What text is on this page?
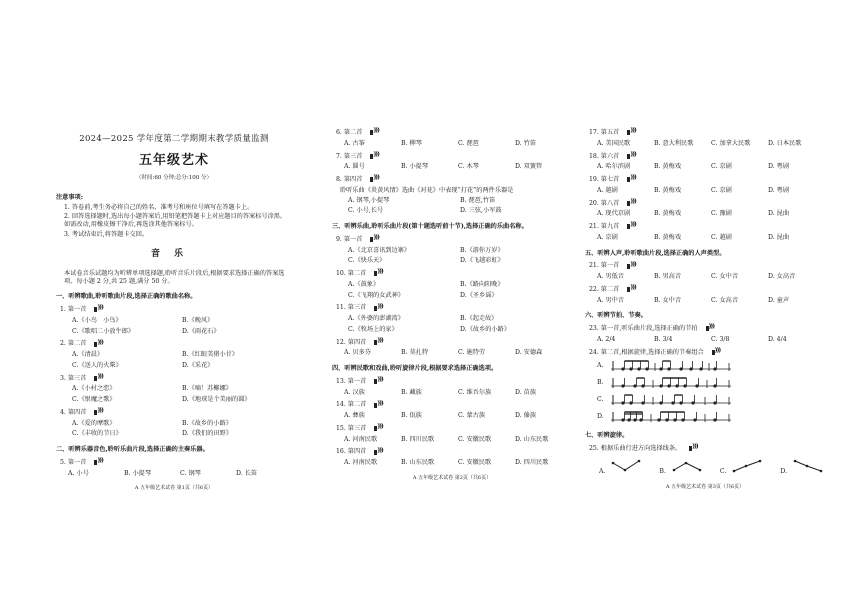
2024—2025 学年度第二学期期末教学质量监测
五年级艺术
（时间:60 分钟;总分:100 分）
注意事项:
1. 答卷前,考生务必将自己的姓名、准考号和座位号填写在答题卡上。
2. 回答选择题时,选出每小题答案后,用铅笔把答题卡上对应题目的答案标号涂黑。如需改动,用橡皮擦干净后,再选涂其他答案标号。
3. 考试结束后,将答题卡交回。
音乐
本试卷音乐试题均为听辨单项选择题,聆听音乐片段后,根据要求选择正确的答案选项。每小题 2 分,共 25 题,满分 50 分。
一、听辨歌曲,聆听歌曲片段,选择正确的歌曲名称。
1. 第一首
)))
A.《小鸟　小鸟》	B.《晚风》
C.《歌唱二小放牛郎》	D.《雨花石》
2. 第二首
)))
A.《清晨》	B.《红眼美猪小甘》
C.《送人的火柴》	D.《采花》
3. 第三首
)))
A.《小村之恋》	B.《嘀！苏椰娜》
C.《恨魔之歌》	D.《地球是个美丽的圆》
4. 第四首
)))
A.《爱的摩歌》	B.《故乡的小路》
C.《丰收的节日》	D.《我们的田野》
二、听辨乐器音色,聆听乐曲片段,选择正确的主奏乐器。
5. 第一首
)))
A. 小号	B. 小提琴	C. 钢琴	D. 长笛
A 五年级艺术试卷 第1页（共6页）
6. 第二首
)))
A. 古筝	B. 柳琴	C. 琵琶	D. 竹笛
7. 第三首
)))
A. 圆号	B. 小提琴	C. 木琴	D. 双簧管
8. 第四首
)))
聆听乐曲《炎黄风情》选曲《对花》中表现“打花”的两件乐器是
A. 钢琴,小提琴	B. 琵琶,竹笛
C. 小号,长号	D. 三弦,小军鼓
三、听辨乐曲,聆听乐曲片段(第十题选听前十节),选择正确的乐曲名称。
9. 第一首
)))
A.《北京喜讯到边寨》	B.《游你万岁》
C.《快乐天》	D.《飞越彩虹》
10. 第二首
)))
A.《鼓象》	B.《路向阳晚》
C.《飞翔的女武神》	D.《圣乡谣》
11. 第三首
)))
A.《外婆的澎湖湾》	B.《起走故》
C.《牧场上的家》	D.《故乡的小路》
12. 第四首
)))
A. 贝多芬	B. 莫扎特	C. 施特劳	D. 安德森
四、听辨民歌和戏曲,聆听旋律片段,根据要求选择正确选项。
13. 第一首
)))
A. 汉族	B. 藏族	C. 维吾尔族	D. 苗族
14. 第二首
)))
A. 彝族	B. 佤族	C. 蒙古族	D. 傣族
15. 第三首
)))
A. 河南民歌	B. 四川民歌	C. 安徽民歌	D. 山东民歌
16. 第四首
)))
A. 河南民歌	B. 山东民歌	C. 安徽民歌	D. 四川民歌
A 五年级艺术试卷 第2页（共6页）
17. 第五首
)))
A. 美国民歌	B. 意大利民歌	C. 加拿大民歌	D. 日本民歌
18. 第六首
)))
A. 哈尔滨剧	B. 黄梅戏	C. 京剧	D. 粤剧
19. 第七首
)))
A. 越剧	B. 黄梅戏	C. 京剧	D. 粤剧
20. 第八首
)))
A. 现代京剧	B. 黄梅戏	C. 豫剧	D. 昆曲
21. 第九首
)))
A. 京剧	B. 黄梅戏	C. 越剧	D. 昆曲
五、听辨人声,聆听歌曲片段,选择正确的人声类型。
21. 第一首
)))
A. 男低音	B. 男高音	C. 女中音	D. 女高音
22. 第二首
)))
A. 男中音	B. 女中音	C. 女高音	D. 童声
六、听辨节拍、节奏。
23. 第一首,听乐曲片段,选择正确的节拍
)))
A. 2/4	B. 3/4	C. 3/8	D. 4/4
24. 第二首,根据旋律,选择正确的节奏组合
)))
A.
B.
C.
D.
七、听辨旋律。
25. 根据乐曲行进方向选择线条。
)))
A.	B.	C.	D.
A 五年级艺术试卷 第3页（共6页）
